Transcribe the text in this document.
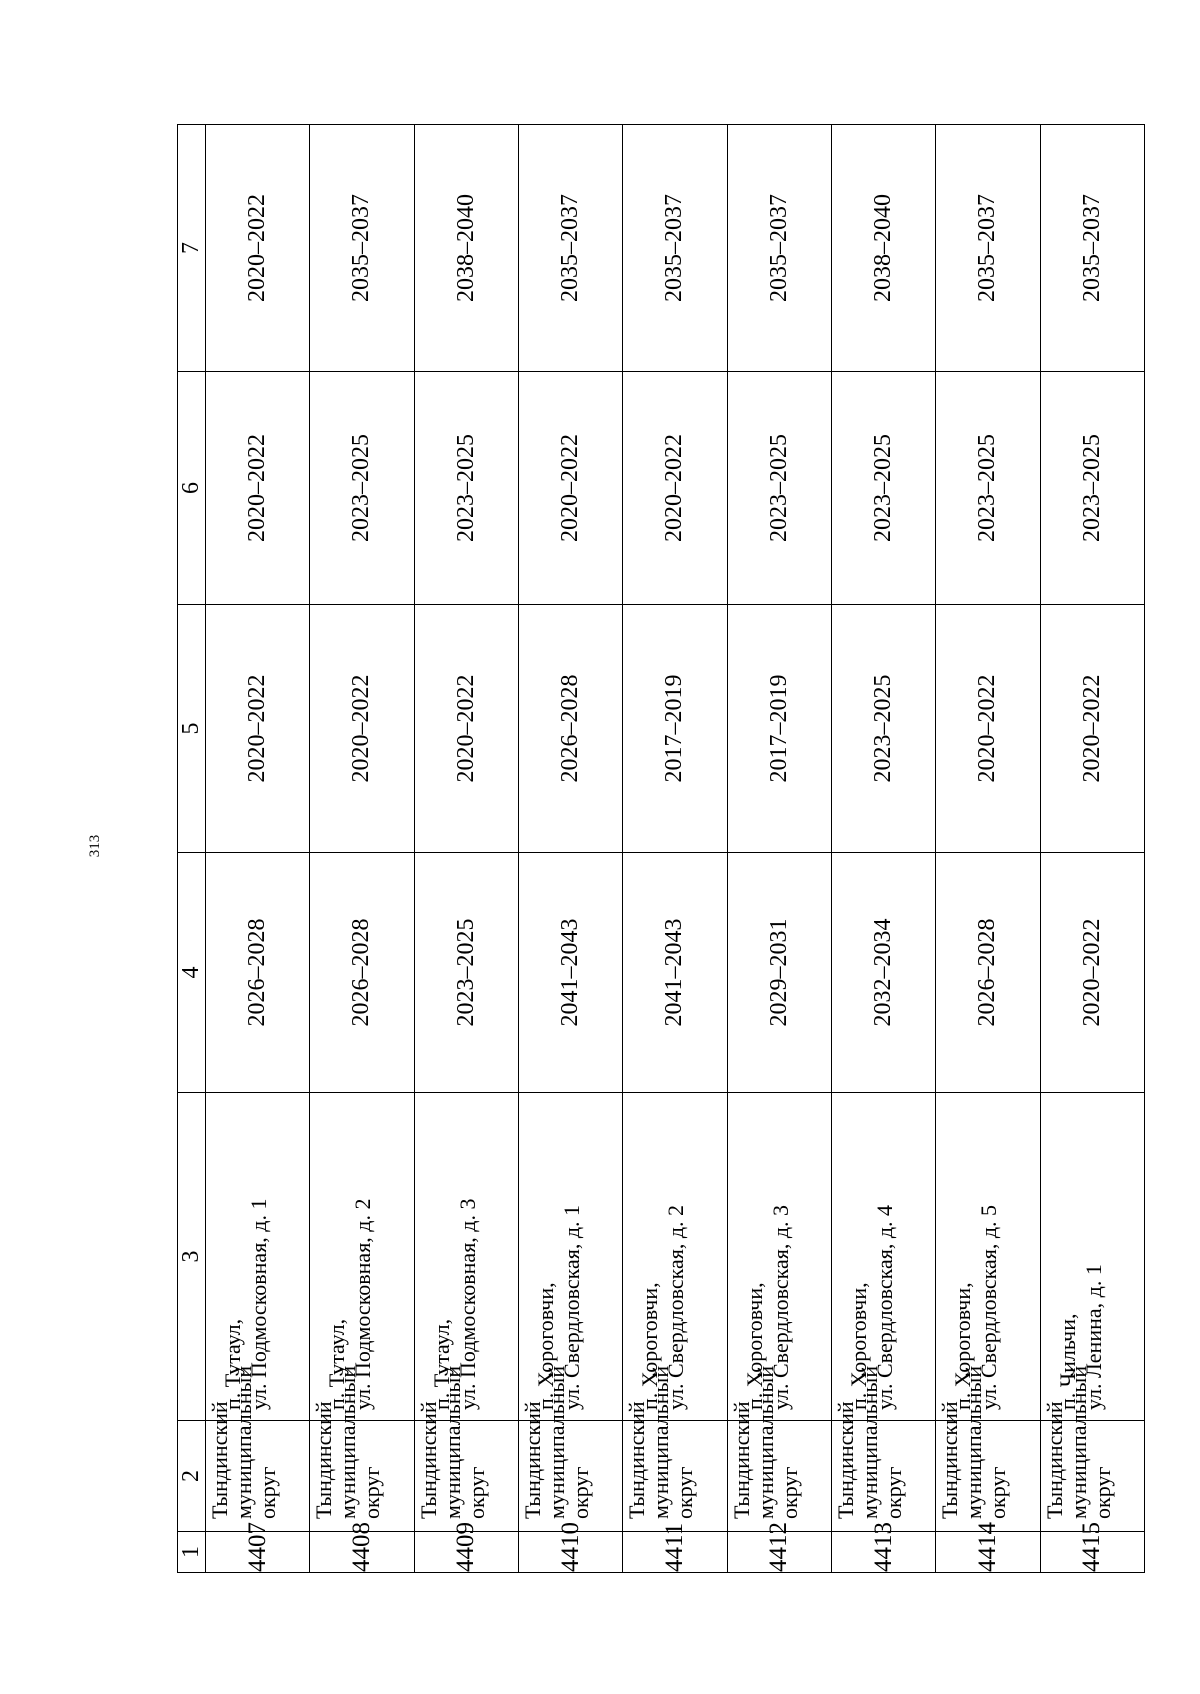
313
1	2	3	4	5	6	7
4407	Тындинский муниципальный округ	п. Тутаул, ул. Подмосковная, д. 1	2026–2028	2020–2022	2020–2022	2020–2022
4408	Тындинский муниципальный округ	п. Тутаул, ул. Подмосковная, д. 2	2026–2028	2020–2022	2023–2025	2035–2037
4409	Тындинский муниципальный округ	п. Тутаул, ул. Подмосковная, д. 3	2023–2025	2020–2022	2023–2025	2038–2040
4410	Тындинский муниципальный округ	п. Хороговчи, ул. Свердловская, д. 1	2041–2043	2026–2028	2020–2022	2035–2037
4411	Тындинский муниципальный округ	п. Хороговчи, ул. Свердловская, д. 2	2041–2043	2017–2019	2020–2022	2035–2037
4412	Тындинский муниципальный округ	п. Хороговчи, ул. Свердловская, д. 3	2029–2031	2017–2019	2023–2025	2035–2037
4413	Тындинский муниципальный округ	п. Хороговчи, ул. Свердловская, д. 4	2032–2034	2023–2025	2023–2025	2038–2040
4414	Тындинский муниципальный округ	п. Хороговчи, ул. Свердловская, д. 5	2026–2028	2020–2022	2023–2025	2035–2037
4415	Тындинский муниципальный округ	п. Чильчи, ул. Ленина, д. 1	2020–2022	2020–2022	2023–2025	2035–2037
